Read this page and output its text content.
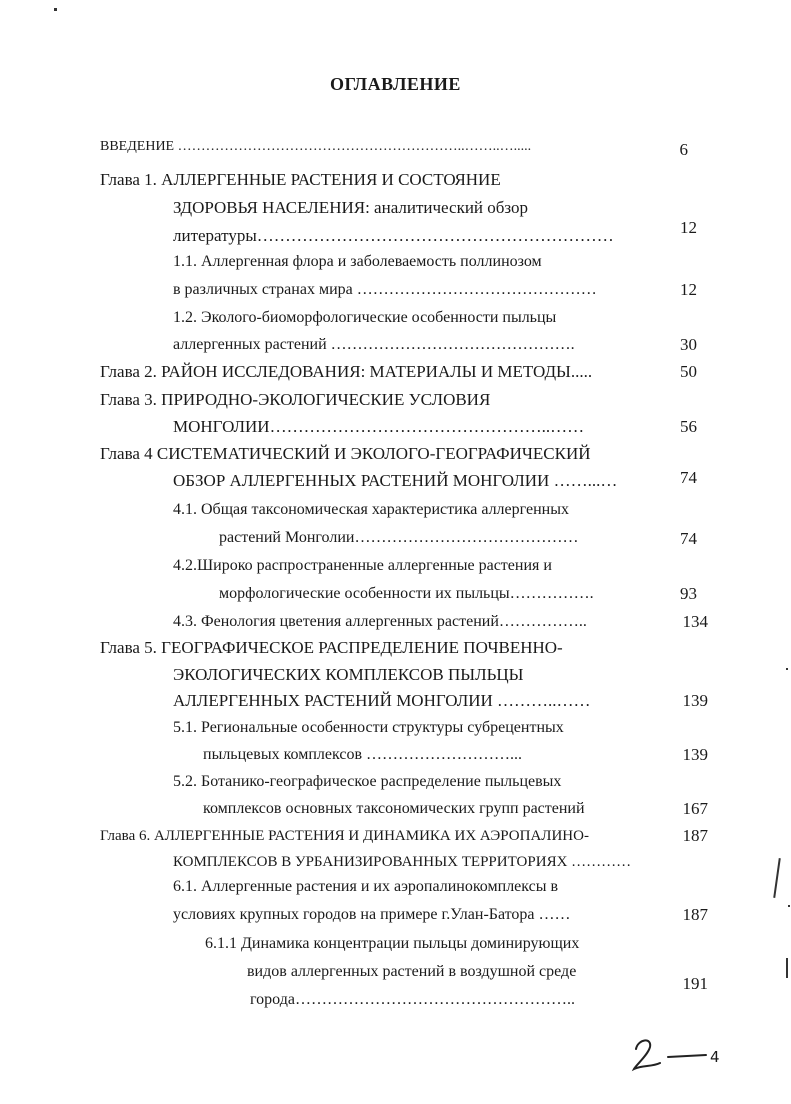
ОГЛАВЛЕНИЕ
ВВЕДЕНИЕ ……………………………………………………..……..….....
Глава 1. АЛЛЕРГЕННЫЕ РАСТЕНИЯ И СОСТОЯНИЕ
ЗДОРОВЬЯ НАСЕЛЕНИЯ: аналитический обзор
литературы………………………………………………………
1.1. Аллергенная флора и заболеваемость поллинозом
в различных странах мира ………………………………………
1.2. Эколого-биоморфологические особенности пыльцы
аллергенных растений ……………………………………….
Глава 2. РАЙОН ИССЛЕДОВАНИЯ: МАТЕРИАЛЫ И МЕТОДЫ.....
Глава 3. ПРИРОДНО-ЭКОЛОГИЧЕСКИЕ УСЛОВИЯ
МОНГОЛИИ…………………………………………..……
Глава 4 СИСТЕМАТИЧЕСКИЙ И ЭКОЛОГО-ГЕОГРАФИЧЕСКИЙ
ОБЗОР АЛЛЕРГЕННЫХ РАСТЕНИЙ МОНГОЛИИ ……...…
4.1. Общая таксономическая характеристика аллергенных
растений Монголии……………………………………
4.2.Широко распространенные аллергенные растения и
морфологические особенности их пыльцы…………….
4.3. Фенология цветения аллергенных растений……………..
Глава 5. ГЕОГРАФИЧЕСКОЕ РАСПРЕДЕЛЕНИЕ ПОЧВЕННО-
ЭКОЛОГИЧЕСКИХ КОМПЛЕКСОВ ПЫЛЬЦЫ
АЛЛЕРГЕННЫХ РАСТЕНИЙ МОНГОЛИИ ………..……
5.1. Региональные особенности структуры субрецентных
пыльцевых комплексов ………………………...
5.2. Ботанико-географическое распределение пыльцевых
комплексов основных таксономических групп растений
Глава 6. АЛЛЕРГЕННЫЕ РАСТЕНИЯ И ДИНАМИКА ИХ АЭРОПАЛИНО-
КОМПЛЕКСОВ В УРБАНИЗИРОВАННЫХ ТЕРРИТОРИЯХ …………
6.1. Аллергенные растения и их аэропалинокомплексы в
условиях крупных городов на примере г.Улан-Батора ……
6.1.1 Динамика концентрации пыльцы доминирующих
видов аллергенных растений в воздушной среде
города……………………………………………..
6
12
12
30
50
56
74
74
93
134
139
139
167
187
187
191
4
